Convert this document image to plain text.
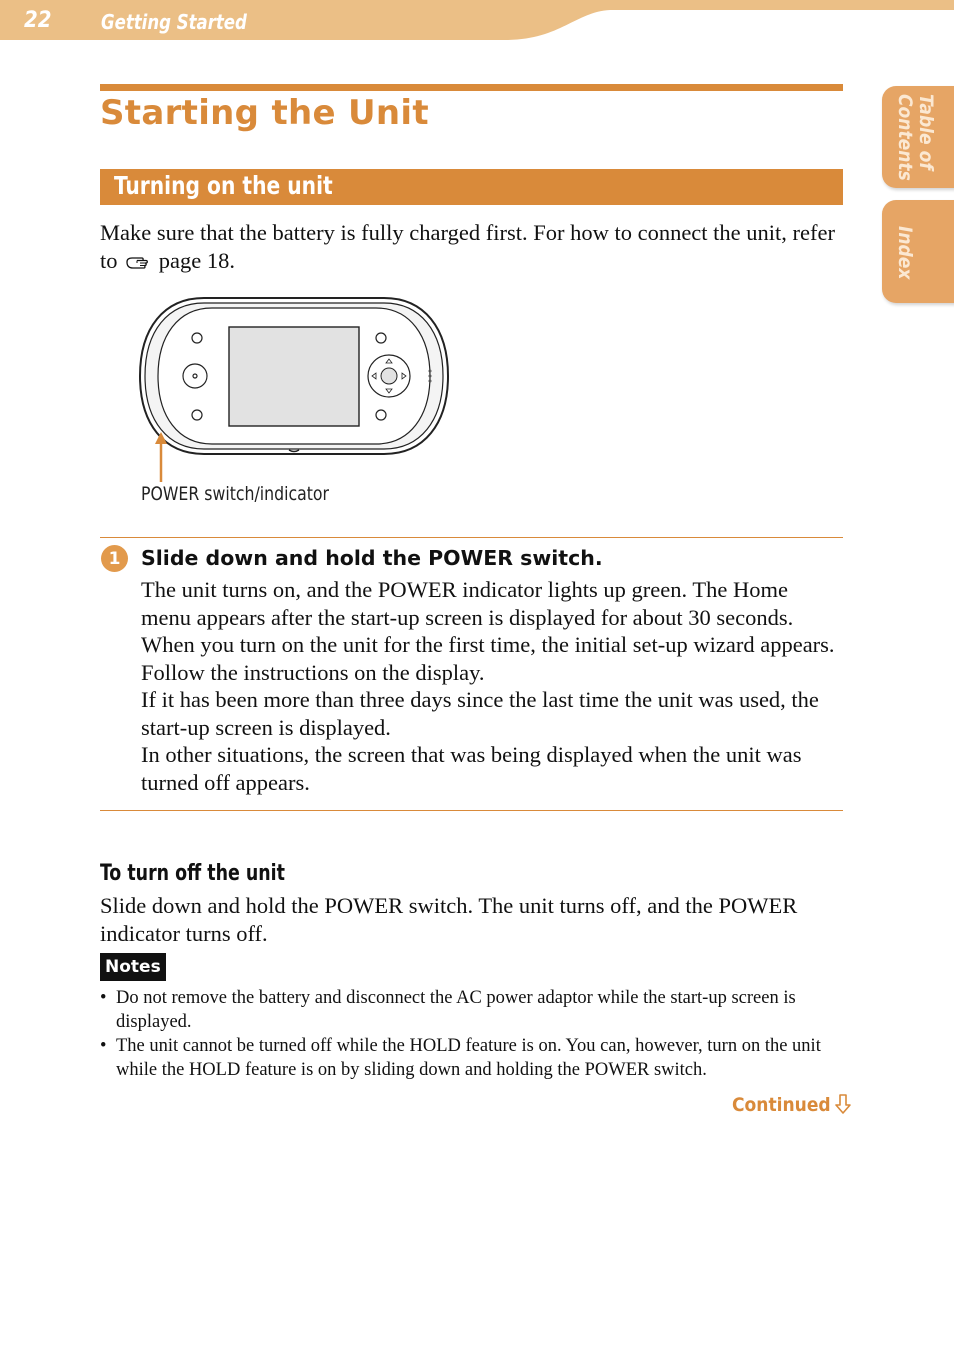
22 Getting Started
Table of
Contents
Index
Starting the Unit
Turning on the unit
Make sure that the battery is fully charged first. For how to connect the unit, refer to page 18.
POWER switch/indicator
1 Slide down and hold the POWER switch.

The unit turns on, and the POWER indicator lights up green. The Home menu appears after the start-up screen is displayed for about 30 seconds.

When you turn on the unit for the first time, the initial set-up wizard appears. Follow the instructions on the display.

If it has been more than three days since the last time the unit was used, the start-up screen is displayed.

In other situations, the screen that was being displayed when the unit was turned off appears.

To turn off the unit
Slide down and hold the POWER switch. The unit turns off, and the POWER indicator turns off.
Notes
• Do not remove the battery and disconnect the AC power adaptor while the start-up screen is displayed.
• The unit cannot be turned off while the HOLD feature is on. You can, however, turn on the unit while the HOLD feature is on by sliding down and holding the POWER switch.
Continued
